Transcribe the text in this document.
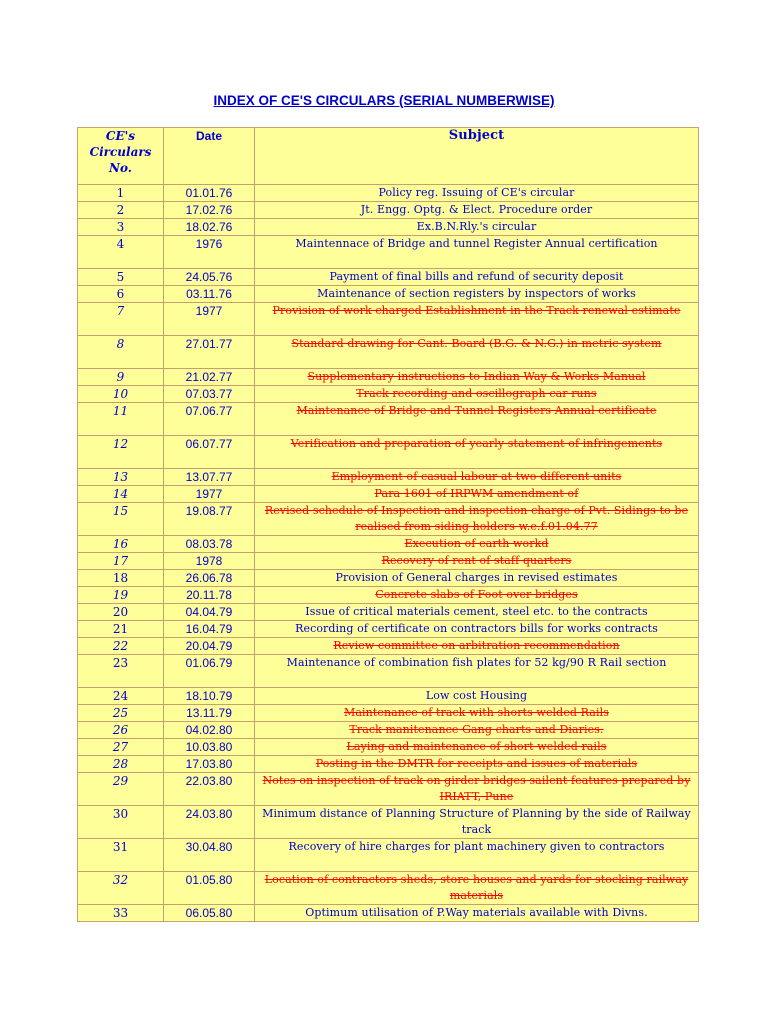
INDEX OF CE'S CIRCULARS (SERIAL NUMBERWISE)
CE's Circulars No.	Date	Subject
1	01.01.76	Policy reg. Issuing of CE's circular
2	17.02.76	Jt. Engg. Optg. & Elect. Procedure order
3	18.02.76	Ex.B.N.Rly.'s circular
4	1976	Maintennace of Bridge and tunnel Register Annual certification
5	24.05.76	Payment of final bills and refund of security deposit
6	03.11.76	Maintenance of section registers by inspectors of works
7	1977	Provision of work charged Establishment in the Track renewal estimate
8	27.01.77	Standard drawing for Cant. Board (B.G. & N.G.) in metric system
9	21.02.77	Supplementary instructions to Indian Way & Works Manual
10	07.03.77	Track recording and oscillograph car runs
11	07.06.77	Maintenance of Bridge and Tunnel Registers Annual certificate
12	06.07.77	Verification and preparation of yearly statement of infringements
13	13.07.77	Employment of casual labour at two different units
14	1977	Para 1601 of IRPWM amendment of
15	19.08.77	Revised schedule of Inspection and inspection charge of Pvt. Sidings to be realised from siding holders w.e.f.01.04.77
16	08.03.78	Execution of earth workd
17	1978	Recovery of rent of staff quarters
18	26.06.78	Provision of General charges in revised estimates
19	20.11.78	Concrete slabs of Foot over bridges
20	04.04.79	Issue of critical materials cement, steel etc. to the contracts
21	16.04.79	Recording of certificate on contractors bills for works contracts
22	20.04.79	Review committee on arbitration recommendation
23	01.06.79	Maintenance of combination fish plates for 52 kg/90 R Rail section
24	18.10.79	Low cost Housing
25	13.11.79	Maintenance of track with shorts welded Rails
26	04.02.80	Track manitenance Gang charts and Diaries.
27	10.03.80	Laying and maintenance of short welded rails
28	17.03.80	Posting in the DMTR for receipts and issues of materials
29	22.03.80	Notes on inspection of track on girder bridges sailent features prepared by IRIATT, Pune
30	24.03.80	Minimum distance of Planning Structure of Planning by the side of Railway track
31	30.04.80	Recovery of hire charges for plant machinery given to contractors
32	01.05.80	Location of contractors sheds, store houses and yards for stocking railway materials
33	06.05.80	Optimum utilisation of P.Way materials available with Divns.
